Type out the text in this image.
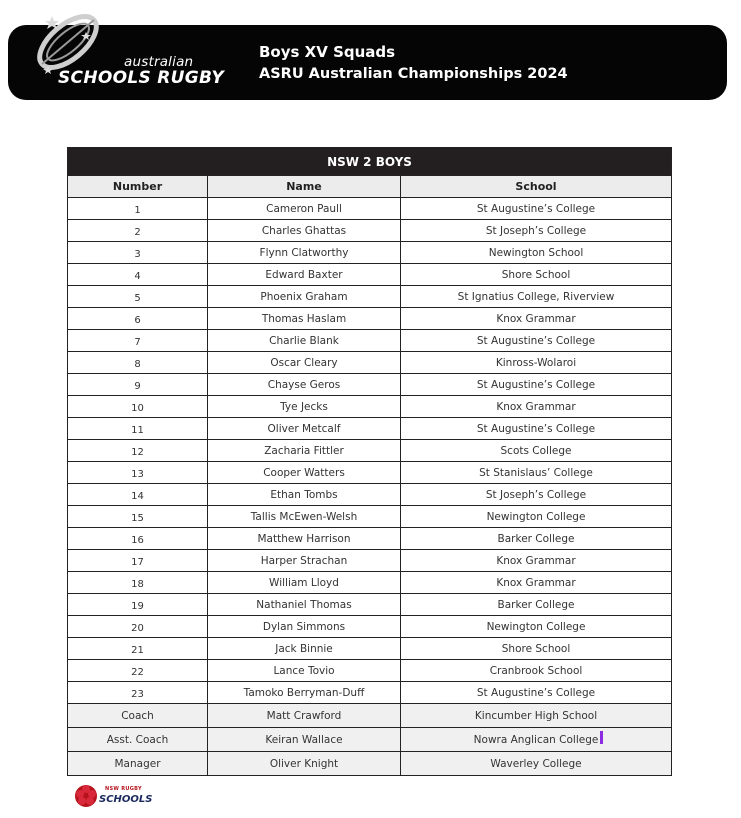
australian
SCHOOLS RUGBY
Boys XV Squads
ASRU Australian Championships 2024
NSW 2 BOYS		
Number	Name	School
1	Cameron Paull	St Augustine’s College
2	Charles Ghattas	St Joseph’s College
3	Flynn Clatworthy	Newington School
4	Edward Baxter	Shore School
5	Phoenix Graham	St Ignatius College, Riverview
6	Thomas Haslam	Knox Grammar
7	Charlie Blank	St Augustine’s College
8	Oscar Cleary	Kinross-Wolaroi
9	Chayse Geros	St Augustine’s College
10	Tye Jecks	Knox Grammar
11	Oliver Metcalf	St Augustine’s College
12	Zacharia Fittler	Scots College
13	Cooper Watters	St Stanislaus’ College
14	Ethan Tombs	St Joseph’s College
15	Tallis McEwen-Welsh	Newington College
16	Matthew Harrison	Barker College
17	Harper Strachan	Knox Grammar
18	William Lloyd	Knox Grammar
19	Nathaniel Thomas	Barker College
20	Dylan Simmons	Newington College
21	Jack Binnie	Shore School
22	Lance Tovio	Cranbrook School
23	Tamoko Berryman-Duff	St Augustine’s College
Coach	Matt Crawford	Kincumber High School
Asst. Coach	Keiran Wallace	Nowra Anglican College
Manager	Oliver Knight	Waverley College
NSW RUGBY
SCHOOLS
